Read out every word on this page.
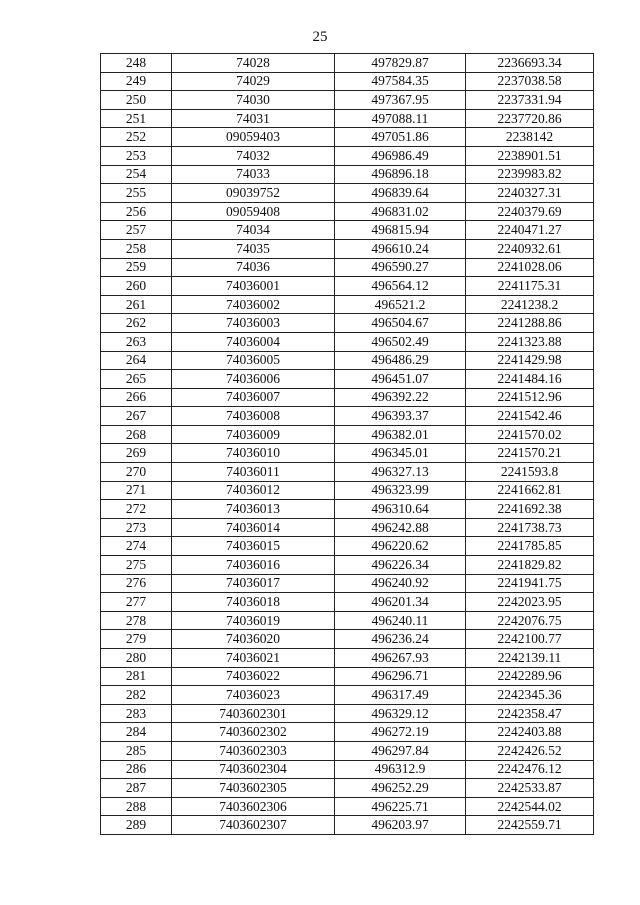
25
248	74028	497829.87	2236693.34
249	74029	497584.35	2237038.58
250	74030	497367.95	2237331.94
251	74031	497088.11	2237720.86
252	09059403	497051.86	2238142
253	74032	496986.49	2238901.51
254	74033	496896.18	2239983.82
255	09039752	496839.64	2240327.31
256	09059408	496831.02	2240379.69
257	74034	496815.94	2240471.27
258	74035	496610.24	2240932.61
259	74036	496590.27	2241028.06
260	74036001	496564.12	2241175.31
261	74036002	496521.2	2241238.2
262	74036003	496504.67	2241288.86
263	74036004	496502.49	2241323.88
264	74036005	496486.29	2241429.98
265	74036006	496451.07	2241484.16
266	74036007	496392.22	2241512.96
267	74036008	496393.37	2241542.46
268	74036009	496382.01	2241570.02
269	74036010	496345.01	2241570.21
270	74036011	496327.13	2241593.8
271	74036012	496323.99	2241662.81
272	74036013	496310.64	2241692.38
273	74036014	496242.88	2241738.73
274	74036015	496220.62	2241785.85
275	74036016	496226.34	2241829.82
276	74036017	496240.92	2241941.75
277	74036018	496201.34	2242023.95
278	74036019	496240.11	2242076.75
279	74036020	496236.24	2242100.77
280	74036021	496267.93	2242139.11
281	74036022	496296.71	2242289.96
282	74036023	496317.49	2242345.36
283	7403602301	496329.12	2242358.47
284	7403602302	496272.19	2242403.88
285	7403602303	496297.84	2242426.52
286	7403602304	496312.9	2242476.12
287	7403602305	496252.29	2242533.87
288	7403602306	496225.71	2242544.02
289	7403602307	496203.97	2242559.71
